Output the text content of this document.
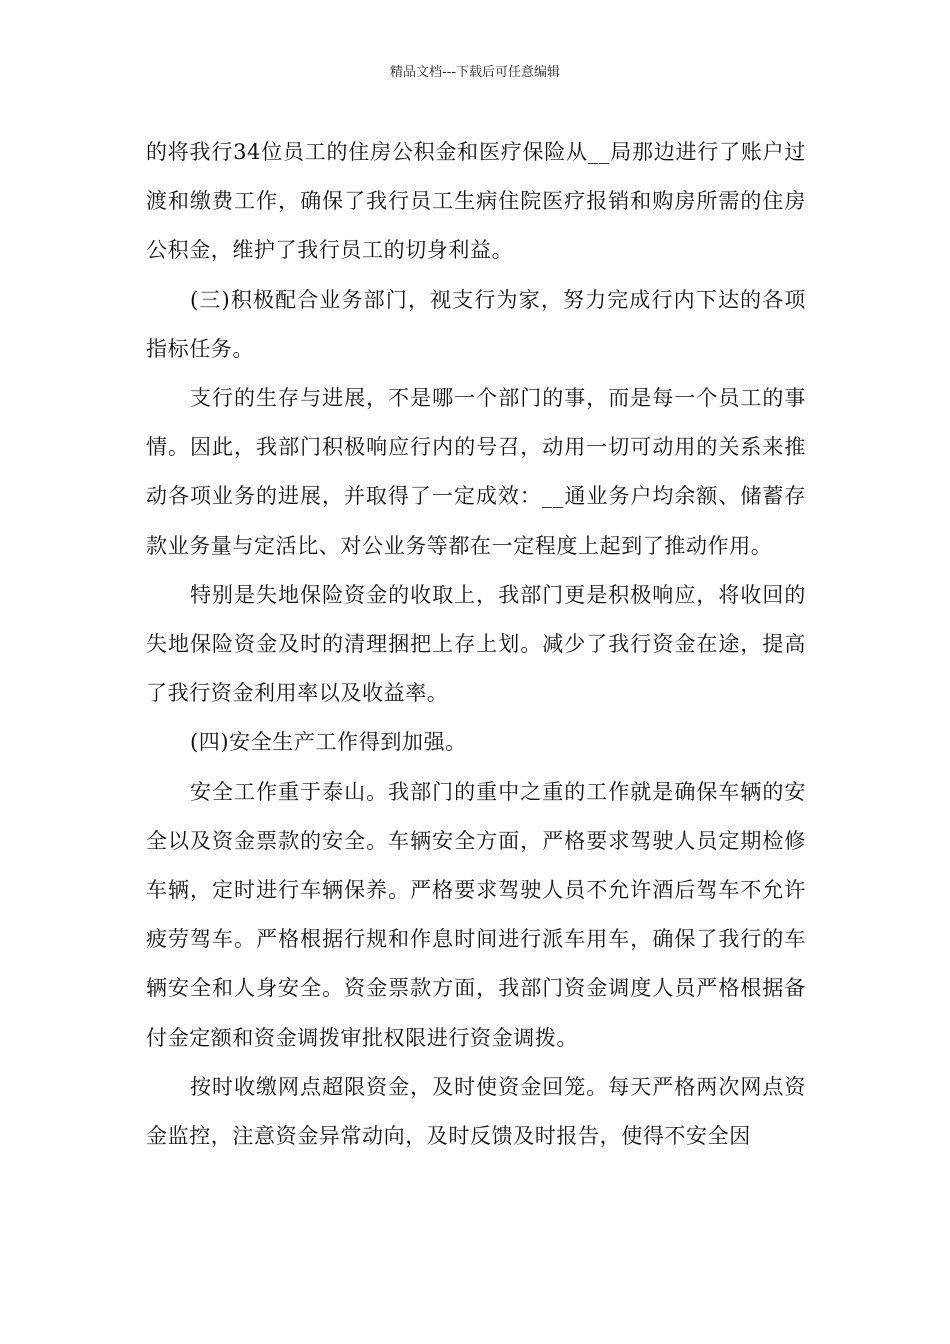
精品文档---下载后可任意编辑

的将我行34位员工的住房公积金和医疗保险从__局那边进行了账户过渡和缴费工作，确保了我行员工生病住院医疗报销和购房所需的住房公积金，维护了我行员工的切身利益。

(三)积极配合业务部门，视支行为家，努力完成行内下达的各项指标任务。

支行的生存与进展，不是哪一个部门的事，而是每一个员工的事情。因此，我部门积极响应行内的号召，动用一切可动用的关系来推动各项业务的进展，并取得了一定成效：__通业务户均余额、储蓄存款业务量与定活比、对公业务等都在一定程度上起到了推动作用。

特别是失地保险资金的收取上，我部门更是积极响应，将收回的失地保险资金及时的清理捆把上存上划。减少了我行资金在途，提高了我行资金利用率以及收益率。

(四)安全生产工作得到加强。

安全工作重于泰山。我部门的重中之重的工作就是确保车辆的安全以及资金票款的安全。车辆安全方面，严格要求驾驶人员定期检修车辆，定时进行车辆保养。严格要求驾驶人员不允许酒后驾车不允许疲劳驾车。严格根据行规和作息时间进行派车用车，确保了我行的车辆安全和人身安全。资金票款方面，我部门资金调度人员严格根据备付金定额和资金调拨审批权限进行资金调拨。

按时收缴网点超限资金，及时使资金回笼。每天严格两次网点资金监控，注意资金异常动向，及时反馈及时报告，使得不安全因
